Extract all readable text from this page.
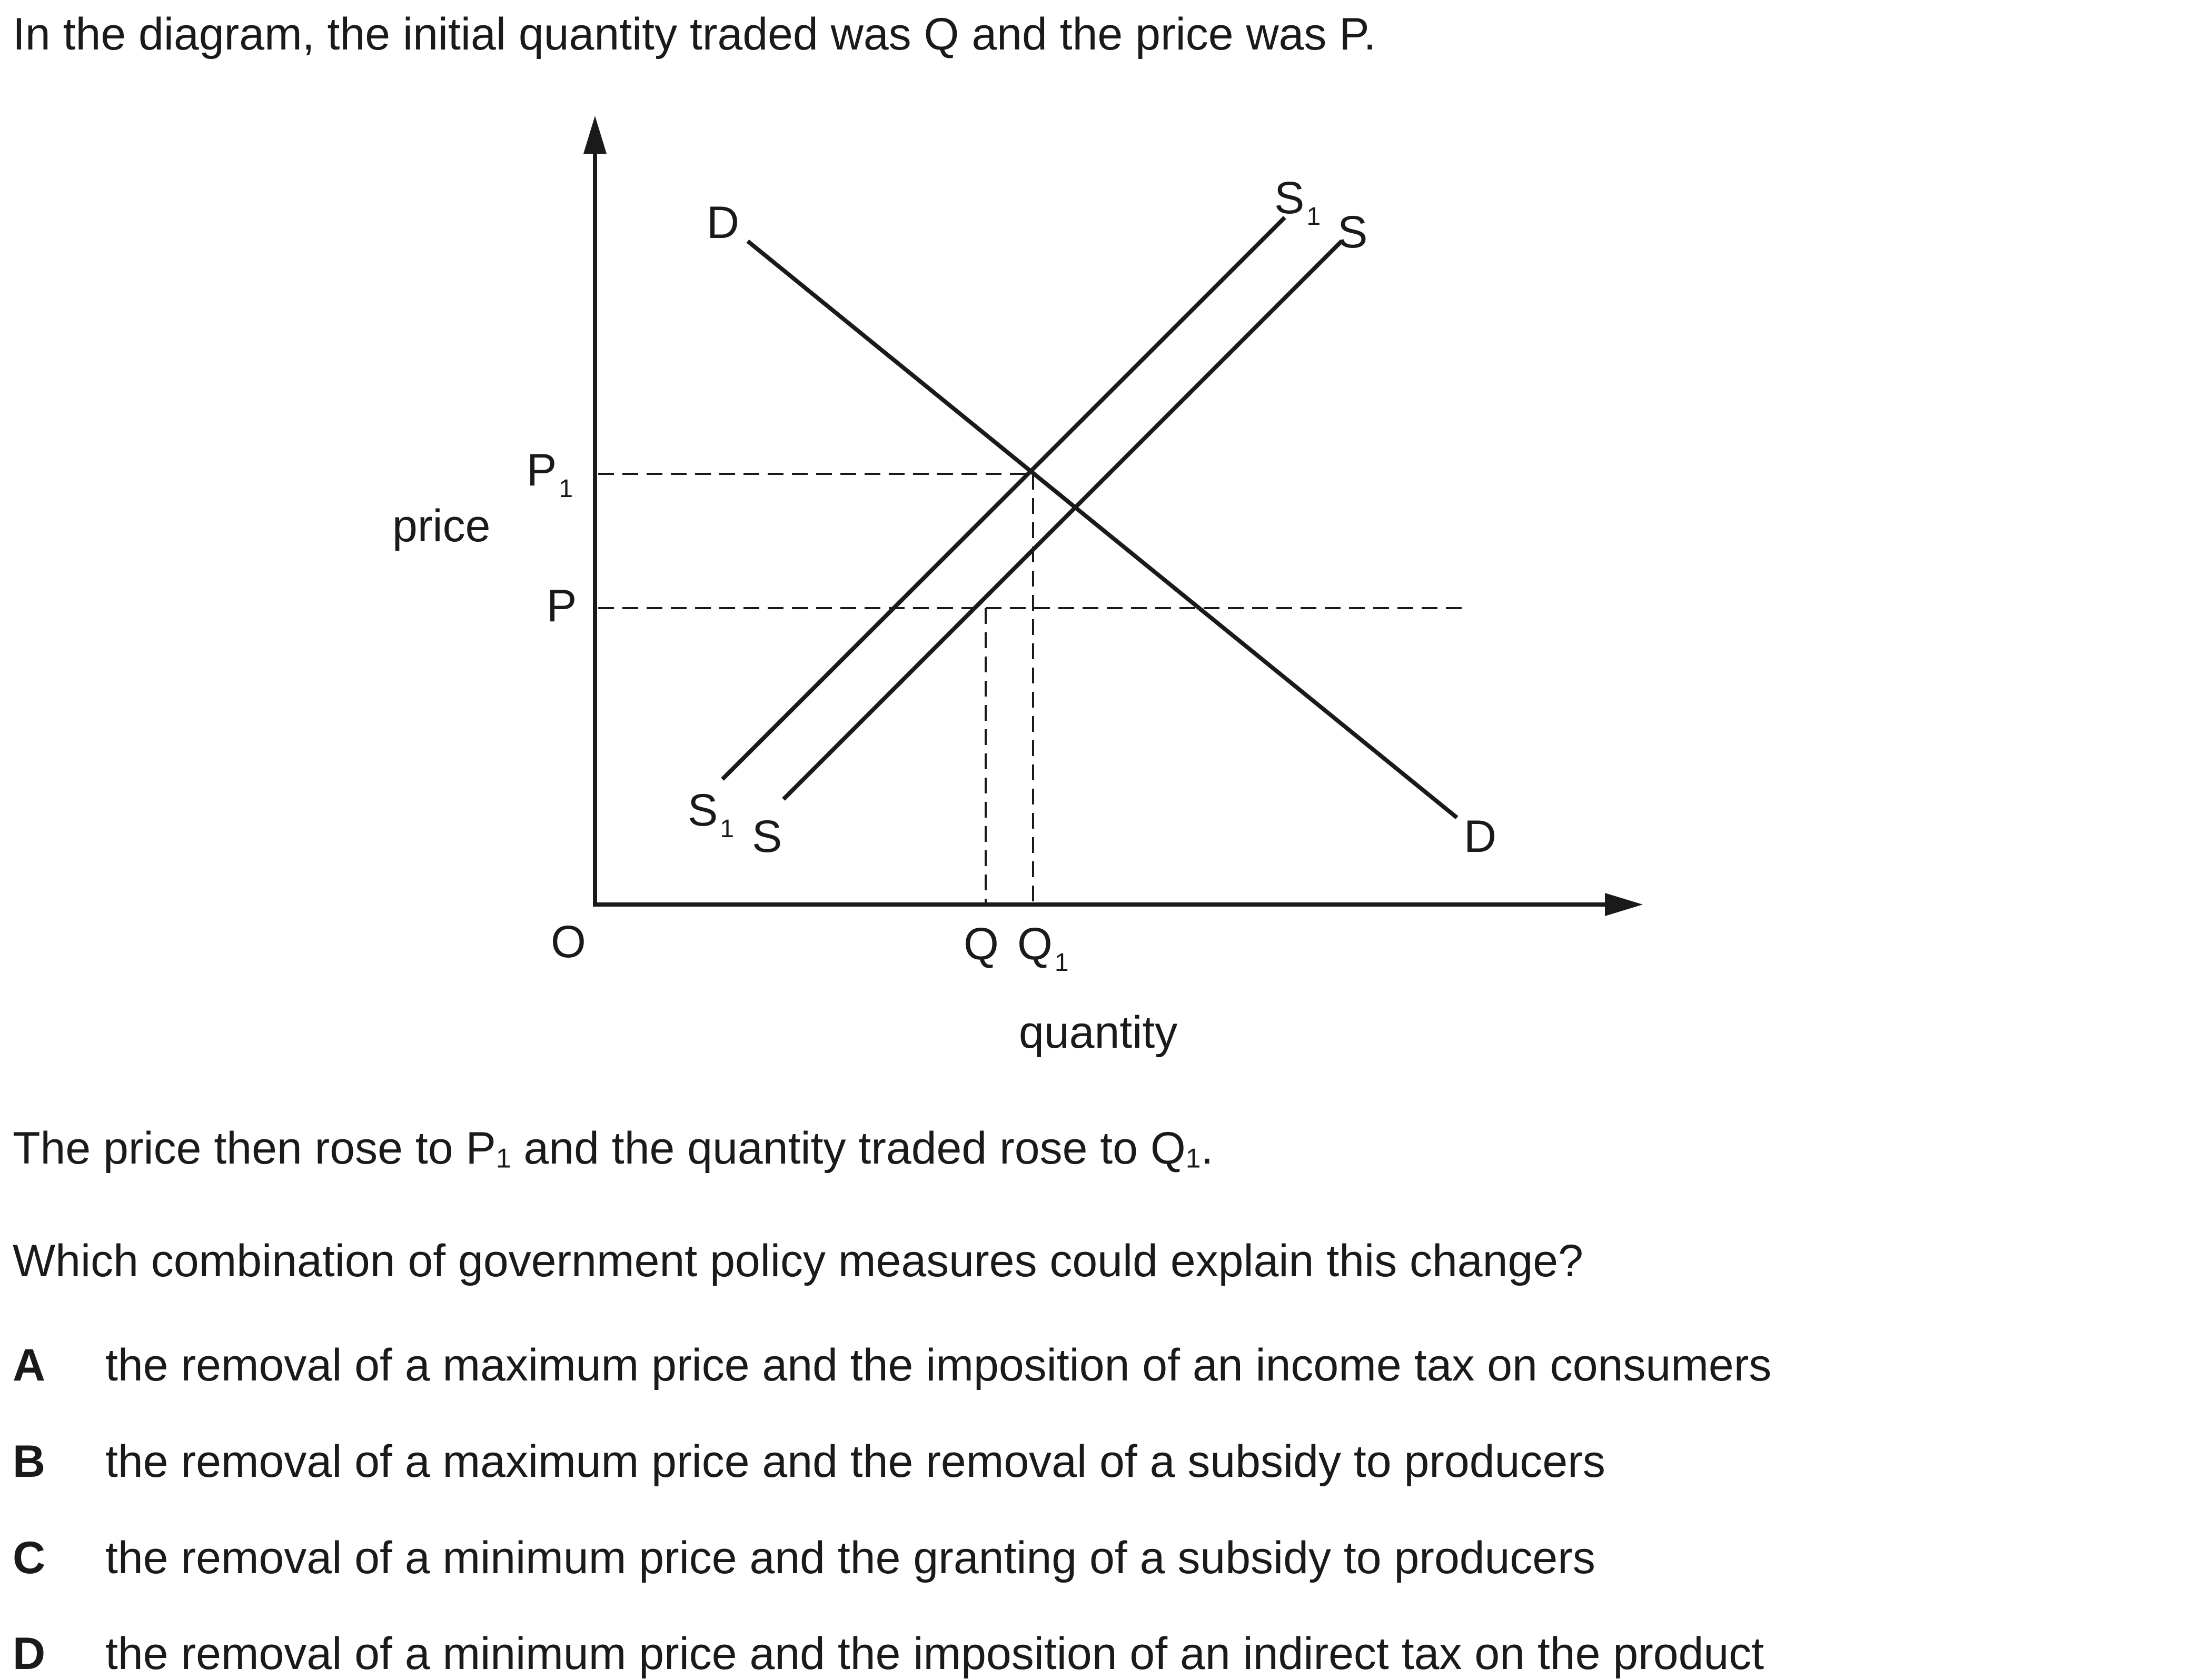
In the diagram, the initial quantity traded was Q and the price was P.
price
quantity
O
$P_1$
P
Q $Q_1$
D
D
$S_1$ S
$S_1$ S
The price then rose to $P_1$ and the quantity traded rose to $Q_1$.
Which combination of government policy measures could explain this change?
A the removal of a maximum price and the imposition of an income tax on consumers
B the removal of a maximum price and the removal of a subsidy to producers
C the removal of a minimum price and the granting of a subsidy to producers
D the removal of a minimum price and the imposition of an indirect tax on the product
